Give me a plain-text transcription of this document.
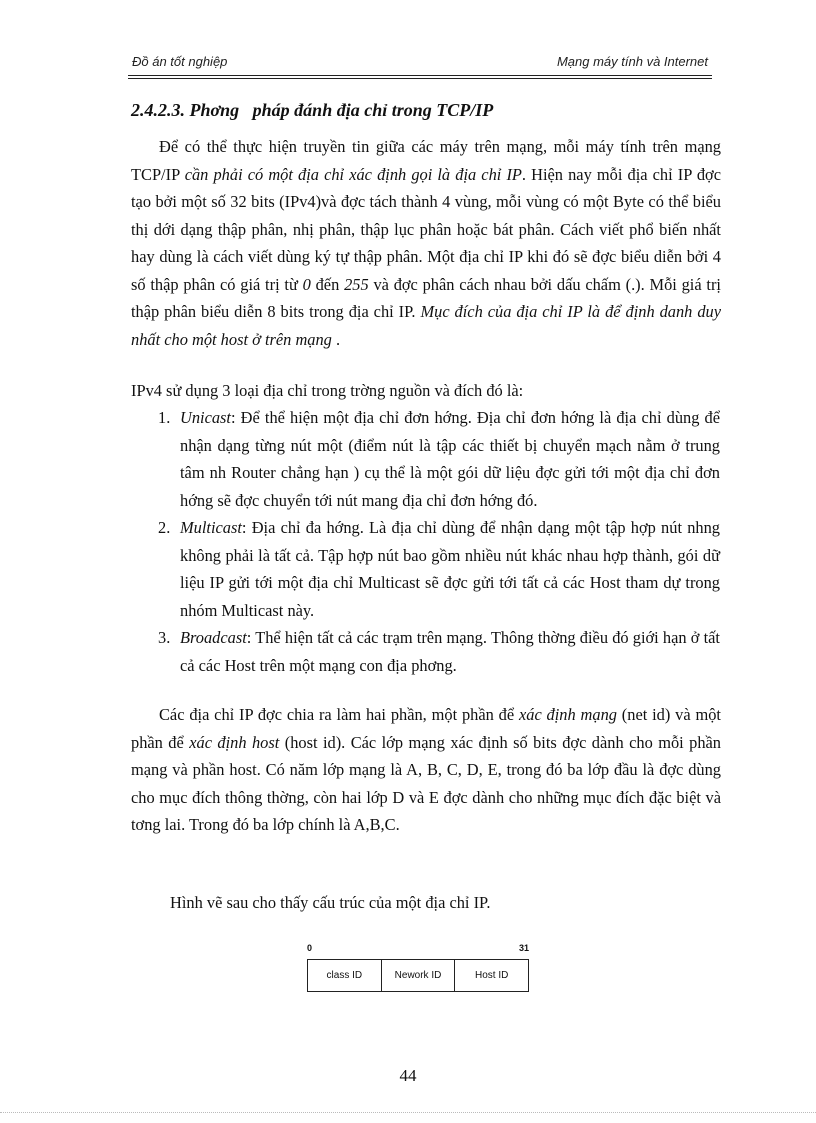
Đồ án tốt nghiệp	Mạng máy tính và Internet
2.4.2.3. Phơng   pháp đánh địa chỉ trong TCP/IP

Để có thể thực hiện truyền tin giữa các máy trên mạng, mỗi máy tính trên mạng TCP/IP cần phải có một địa chỉ xác định gọi là địa chỉ IP. Hiện nay mỗi địa chỉ IP đợc tạo bởi một số 32 bits (IPv4)và đợc tách thành 4 vùng, mỗi vùng có một Byte có thể biểu thị dới dạng thập phân, nhị phân, thập lục phân hoặc bát phân. Cách viết phổ biến nhất hay dùng là cách viết dùng ký tự thập phân. Một địa chỉ IP khi đó sẽ đợc biểu diễn bởi 4 số thập phân có giá trị từ 0 đến 255 và đợc phân cách nhau bởi dấu chấm (.). Mỗi giá trị thập phân biểu diễn 8 bits trong địa chỉ IP. Mục đích của địa chỉ IP là để định danh duy nhất cho một host ở trên mạng .

IPv4 sử dụng 3 loại địa chỉ trong trờng nguồn và đích đó là:

1. Unicast: Để thể hiện một địa chỉ đơn hớng. Địa chỉ đơn hớng là địa chỉ dùng để nhận dạng từng nút một (điểm nút là tập các thiết bị chuyển mạch nằm ở trung tâm nh Router chẳng hạn ) cụ thể là một gói dữ liệu đợc gửi tới một địa chỉ đơn hớng sẽ đợc chuyển tới nút mang địa chỉ đơn hớng đó.
2. Multicast: Địa chỉ đa hớng. Là địa chỉ dùng để nhận dạng một tập hợp nút nhng không phải là tất cả. Tập hợp nút bao gồm nhiều nút khác nhau hợp thành, gói dữ liệu IP gửi tới một địa chỉ Multicast sẽ đợc gửi tới tất cả các Host tham dự trong nhóm Multicast này.
3. Broadcast: Thể hiện tất cả các trạm trên mạng. Thông thờng điều đó giới hạn ở tất cả các Host trên một mạng con địa phơng.

Các địa chỉ IP đợc chia ra làm hai phần, một phần để xác định mạng (net id) và một phần để xác định host (host id). Các lớp mạng xác định số bits đợc dành cho mỗi phần mạng và phần host. Có năm lớp mạng là A, B, C, D, E, trong đó ba lớp đầu là đợc dùng cho mục đích thông thờng, còn hai lớp D và E đợc dành cho những mục đích đặc biệt và tơng lai. Trong đó ba lớp chính là A,B,C.

Hình vẽ sau cho thấy cấu trúc của một địa chỉ IP.
0	31
class ID	Nework ID	Host ID
44
